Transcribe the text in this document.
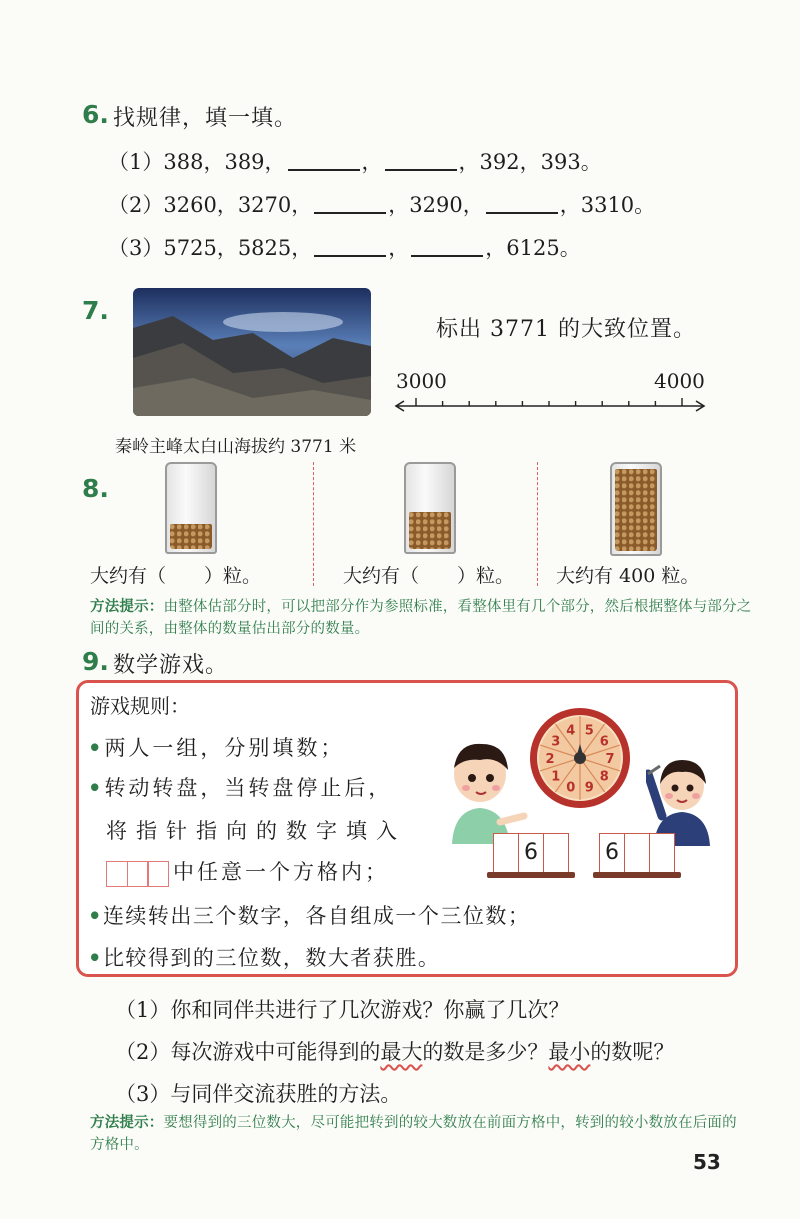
6. 找规律，填一填。
（1）388，389，	，	，392，393。
（2）3260，3270，	，3290，	，3310。
（3）5725，5825，	，	，6125。
7.
标出 3771 的大致位置。
3000	4000
秦岭主峰太白山海拔约 3771 米
8.
大约有（　　）粒。	大约有（　　）粒。 大约有 400 粒。
方法提示：由整体估部分时，可以把部分作为参照标准，看整体里有几个部分，然后根据整体与部分之间的关系，由整体的数量估出部分的数量。
9. 数学游戏。
游戏规则：
•两人一组，分别填数；
•转动转盘，当转盘停止后，
将指针指向的数字填入
中任意一个方格内；
•连续转出三个数字，各自组成一个三位数；
•比较得到的三位数，数大者获胜。
0
1
2
3
4 5
6
7
8
9
6	6
（1）你和同伴共进行了几次游戏？你赢了几次？
（2）每次游戏中可能得到的最大的数是多少？最小的数呢？
（3）与同伴交流获胜的方法。
方法提示：要想得到的三位数大，尽可能把转到的较大数放在前面方格中，转到的较小数放在后面的方格中。
53
